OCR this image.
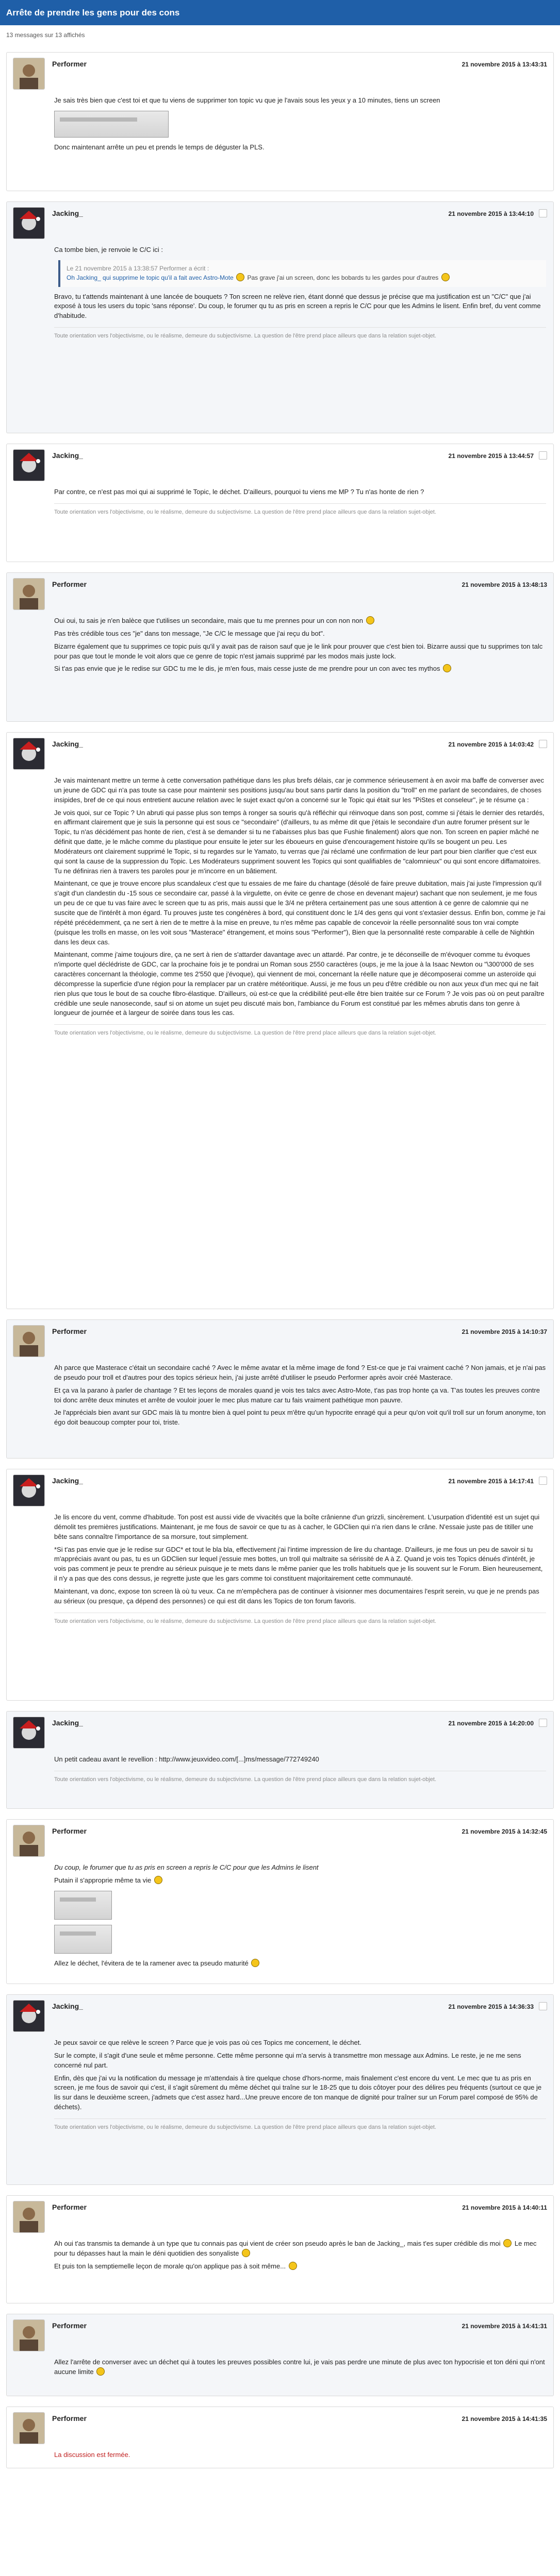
Arrête de prendre les gens pour des cons
13 messages sur 13 affichés
Performer	21 novembre 2015 à 13:43:31

Je sais très bien que c'est toi et que tu viens de supprimer ton topic vu que je l'avais sous les yeux y a 10 minutes, tiens un screen

Donc maintenant arrête un peu et prends le temps de déguster la PLS.

Jacking_	21 novembre 2015 à 13:44:10

Ca tombe bien, je renvoie le C/C ici :

Le 21 novembre 2015 à 13:38:57 Performer a écrit :
Oh Jacking_ qui supprime le topic qu'il a fait avec Astro-Mote Pas grave j'ai un screen, donc les bobards tu les gardes pour d'autres

Bravo, tu t'attends maintenant à une lancée de bouquets ? Ton screen ne relève rien, étant donné que dessus je précise que ma justification est un "C/C" que j'ai exposé à tous les users du topic 'sans réponse'. Du coup, le forumer qu tu as pris en screen a repris le C/C pour que les Admins le lisent. Enfin bref, du vent comme d'habitude.

Toute orientation vers l'objectivisme, ou le réalisme, demeure du subjectivisme. La question de l'être prend place ailleurs que dans la relation sujet-objet.
Jacking_	21 novembre 2015 à 13:44:57

Par contre, ce n'est pas moi qui ai supprimé le Topic, le déchet. D'ailleurs, pourquoi tu viens me MP ? Tu n'as honte de rien ?

Toute orientation vers l'objectivisme, ou le réalisme, demeure du subjectivisme. La question de l'être prend place ailleurs que dans la relation sujet-objet.
Performer	21 novembre 2015 à 13:48:13

Oui oui, tu sais je n'en balèce que t'utilises un secondaire, mais que tu me prennes pour un con non non

Pas très crédible tous ces "je" dans ton message, "Je C/C le message que j'ai reçu du bot".

Bizarre également que tu supprimes ce topic puis qu'il y avait pas de raison sauf que je le link pour prouver que c'est bien toi. Bizarre aussi que tu supprimes ton talc pour pas que tout le monde le voit alors que ce genre de topic n'est jamais supprimé par les modos mais juste lock.

Si t'as pas envie que je le redise sur GDC tu me le dis, je m'en fous, mais cesse juste de me prendre pour un con avec tes mythos

Jacking_	21 novembre 2015 à 14:03:42

Je vais maintenant mettre un terme à cette conversation pathétique dans les plus brefs délais, car je commence sérieusement à en avoir ma baffe de converser avec un jeune de GDC qui n'a pas toute sa case pour maintenir ses positions jusqu'au bout sans partir dans la position du "troll" en me parlant de secondaires, de choses insipides, bref de ce qui nous entretient aucune relation avec le sujet exact qu'on a concerné sur le Topic qui était sur les "PiStes et conseleur", je te résume ça :

Je vois quoi, sur ce Topic ? Un abruti qui passe plus son temps à ronger sa souris qu'à réfléchir qui réinvoque dans son post, comme si j'étais le dernier des retardés, en affirmant clairement que je suis la personne qui est sous ce "secondaire" (d'ailleurs, tu as même dit que j'étais le secondaire d'un autre forumer présent sur le Topic, tu n'as décidément pas honte de rien, c'est à se demander si tu ne t'abaisses plus bas que Fushie finalement) alors que non. Ton screen en papier mâché ne définit que datte, je le mâche comme du plastique pour ensuite le jeter sur les éboueurs en guise d'encouragement histoire qu'ils se bougent un peu. Les Modérateurs ont clairement supprimé le Topic, si tu regardes sur le Yamato, tu verras que j'ai réclamé une confirmation de leur part pour bien clarifier que c'est eux qui sont la cause de la suppression du Topic. Les Modérateurs suppriment souvent les Topics qui sont qualifiables de "calomnieux" ou qui sont encore diffamatoires. Tu ne définiras rien à travers tes paroles pour je m'incorre en un bâtiement.

Maintenant, ce que je trouve encore plus scandaleux c'est que tu essaies de me faire du chantage (désolé de faire preuve dubitation, mais j'ai juste l'impression qu'il s'agit d'un clandestin du -15 sous ce secondaire car, passé à la virgulette, on évite ce genre de chose en devenant majeur) sachant que non seulement, je me fous un peu de ce que tu vas faire avec le screen que tu as pris, mais aussi que le 3/4 ne prêtera certainement pas une sous attention à ce genre de calomnie qui ne suscite que de l'intérêt à mon égard. Tu prouves juste tes congénères à bord, qui constituent donc le 1/4 des gens qui vont s'extasier dessus. Enfin bon, comme je l'ai répété précédemment, ça ne sert à rien de te mettre à la mise en preuve, tu n'es même pas capable de concevoir la réelle personnalité sous ton vrai compte (puisque les trolls en masse, on les voit sous "Masterace" étrangement, et moins sous "Performer"), Bien que la personnalité reste comparable à celle de Nightkin dans les deux cas.

Maintenant, comme j'aime toujours dire, ça ne sert à rien de s'attarder davantage avec un attardé. Par contre, je te déconseille de m'évoquer comme tu évoques n'importe quel déclédriste de GDC, car la prochaine fois je te pondrai un Roman sous 2550 caractères (oups, je me la joue à la Isaac Newton ou "\300'000 de ses caractères concernant la théologie, comme tes 2'550 que j'évoque), qui viennent de moi, concernant la réelle nature que je décomposerai comme un asteroïde qui décompresse la superficie d'une région pour la remplacer par un cratère météoritique. Aussi, je me fous un peu d'être crédible ou non aux yeux d'un mec qui ne fait rien plus que tous le bout de sa couche fibro-élastique. D'ailleurs, où est-ce que la crédibilité peut-elle être bien traitée sur ce Forum ? Je vois pas où on peut paraître crédible une seule nanoseconde, sauf si on atome un sujet peu discuté mais bon, l'ambiance du Forum est constitué par les mêmes abrutis dans ton genre à longueur de journée et à largeur de soirée dans tous les cas.

Toute orientation vers l'objectivisme, ou le réalisme, demeure du subjectivisme. La question de l'être prend place ailleurs que dans la relation sujet-objet.
Performer	21 novembre 2015 à 14:10:37

Ah parce que Masterace c'était un secondaire caché ? Avec le même avatar et la même image de fond ? Est-ce que je t'ai vraiment caché ? Non jamais, et je n'ai pas de pseudo pour troll et d'autres pour des topics sérieux hein, j'ai juste arrêté d'utiliser le pseudo Performer après avoir créé Masterace.

Et ça va la parano à parler de chantage ? Et tes leçons de morales quand je vois tes talcs avec Astro-Mote, t'as pas trop honte ça va. T'as toutes les preuves contre toi donc arrête deux minutes et arrête de vouloir jouer le mec plus mature car tu fais vraiment pathétique mon pauvre.

Je l'apprécials bien avant sur GDC mais là tu montre bien à quel point tu peux m'être qu'un hypocrite enragé qui a peur qu'on voit qu'il troll sur un forum anonyme, ton égo doit beaucoup compter pour toi, triste.

Jacking_	21 novembre 2015 à 14:17:41

Je lis encore du vent, comme d'habitude. Ton post est aussi vide de vivacités que la boîte crânienne d'un grizzli, sincèrement. L'usurpation d'identité est un sujet qui démolit tes premières justifications. Maintenant, je me fous de savoir ce que tu as à cacher, le GDClien qui n'a rien dans le crâne. N'essaie juste pas de titiller une bête sans connaître l'importance de sa morsure, tout simplement.

*Si t'as pas envie que je le redise sur GDC* et tout le bla bla, effectivement j'ai l'intime impression de lire du chantage. D'ailleurs, je me fous un peu de savoir si tu m'appréciais avant ou pas, tu es un GDClien sur lequel j'essuie mes bottes, un troll qui maltraite sa sérissité de A à Z. Quand je vois tes Topics dénués d'intérêt, je vois pas comment je peux te prendre au sérieux puisque je te mets dans le même panier que les trolls habituels que je lis souvent sur le Forum. Bien heureusement, il n'y a pas que des cons dessus, je regrette juste que les gars comme toi constituent majoritairement cette communauté.

Maintenant, va donc, expose ton screen là où tu veux. Ca ne m'empêchera pas de continuer à visionner mes documentaires l'esprit serein, vu que je ne prends pas au sérieux (ou presque, ça dépend des personnes) ce qui est dit dans les Topics de ton forum favoris.

Toute orientation vers l'objectivisme, ou le réalisme, demeure du subjectivisme. La question de l'être prend place ailleurs que dans la relation sujet-objet.
Jacking_	21 novembre 2015 à 14:20:00

Un petit cadeau avant le revellion : http://www.jeuxvideo.com/[...]ms/message/772749240

Toute orientation vers l'objectivisme, ou le réalisme, demeure du subjectivisme. La question de l'être prend place ailleurs que dans la relation sujet-objet.
Performer	21 novembre 2015 à 14:32:45

Du coup, le forumer que tu as pris en screen a repris le C/C pour que les Admins le lisent

Putain il s'approprie même ta vie

Allez le déchet, l'évitera de te la ramener avec ta pseudo maturité

Jacking_	21 novembre 2015 à 14:36:33

Je peux savoir ce que relève le screen ? Parce que je vois pas où ces Topics me concernent, le déchet.

Sur le compte, il s'agit d'une seule et même personne. Cette même personne qui m'a servis à transmettre mon message aux Admins. Le reste, je ne me sens concerné nul part.

Enfin, dès que j'ai vu la notification du message je m'attendais à tire quelque chose d'hors-norme, mais finalement c'est encore du vent. Le mec que tu as pris en screen, je me fous de savoir qui c'est, il s'agit sûrement du même déchet qui traîne sur le 18-25 que tu dois côtoyer pour des délires peu fréquents (surtout ce que je lis sur dans le deuxième screen, j'admets que c'est assez hard...Une preuve encore de ton manque de dignité pour traîner sur un Forum parel composé de 95% de déchets).

Toute orientation vers l'objectivisme, ou le réalisme, demeure du subjectivisme. La question de l'être prend place ailleurs que dans la relation sujet-objet.
Performer	21 novembre 2015 à 14:40:11

Ah oui t'as transmis ta demande à un type que tu connais pas qui vient de créer son pseudo après le ban de Jacking_, mais t'es super crédible dis moi Le mec pour tu dépasses haut la main le déni quotidien des sonyaliste

Et puis ton la semptiemelle leçon de morale qu'on applique pas à soit même...

Performer	21 novembre 2015 à 14:41:31

Allez l'arrête de converser avec un déchet qui à toutes les preuves possibles contre lui, je vais pas perdre une minute de plus avec ton hypocrisie et ton déni qui n'ont aucune limite

Performer	21 novembre 2015 à 14:41:35

La discussion est fermée.
